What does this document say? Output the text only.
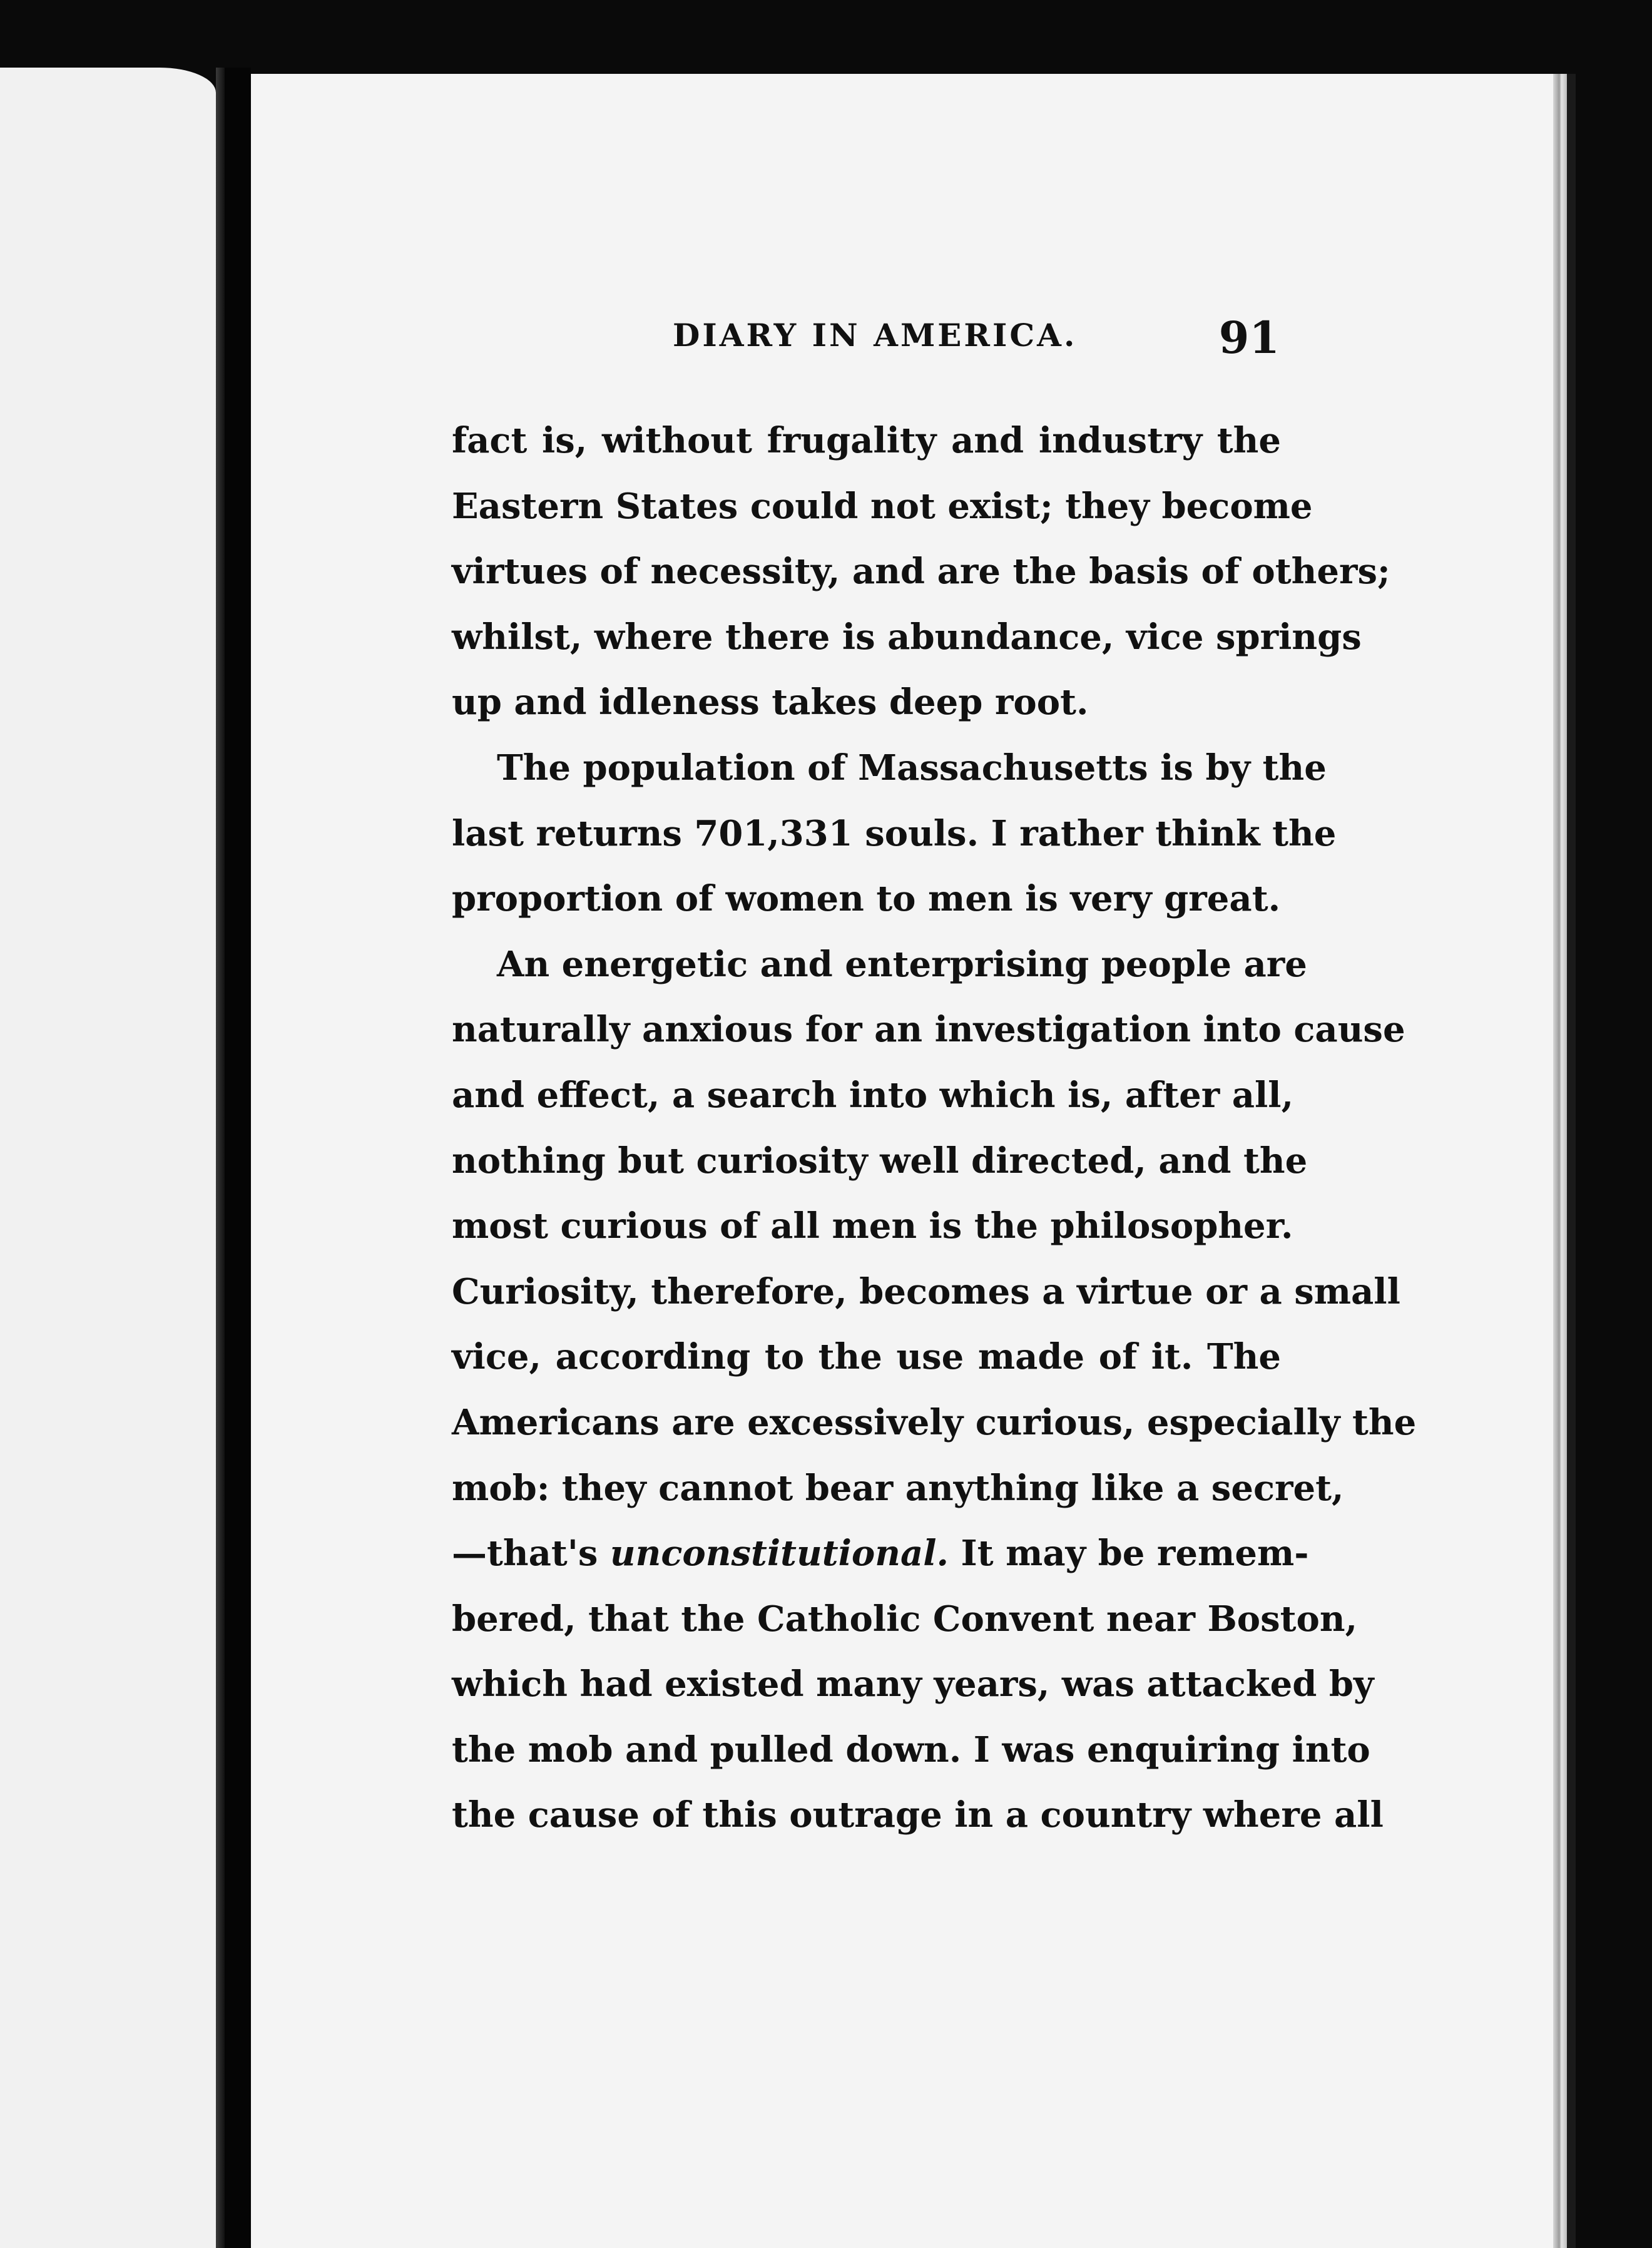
DIARY IN AMERICA.	91
fact is, without frugality and industry the
Eastern States could not exist; they become
virtues of necessity, and are the basis of others;
whilst, where there is abundance, vice springs
up and idleness takes deep root.
The population of Massachusetts is by the
last returns 701,331 souls. I rather think the
proportion of women to men is very great.
An energetic and enterprising people are
naturally anxious for an investigation into cause
and effect, a search into which is, after all,
nothing but curiosity well directed, and the
most curious of all men is the philosopher.
Curiosity, therefore, becomes a virtue or a small
vice, according to the use made of it. The
Americans are excessively curious, especially the
mob: they cannot bear anything like a secret,
—that's unconstitutional. It may be remem-
bered, that the Catholic Convent near Boston,
which had existed many years, was attacked by
the mob and pulled down. I was enquiring into
the cause of this outrage in a country where all
